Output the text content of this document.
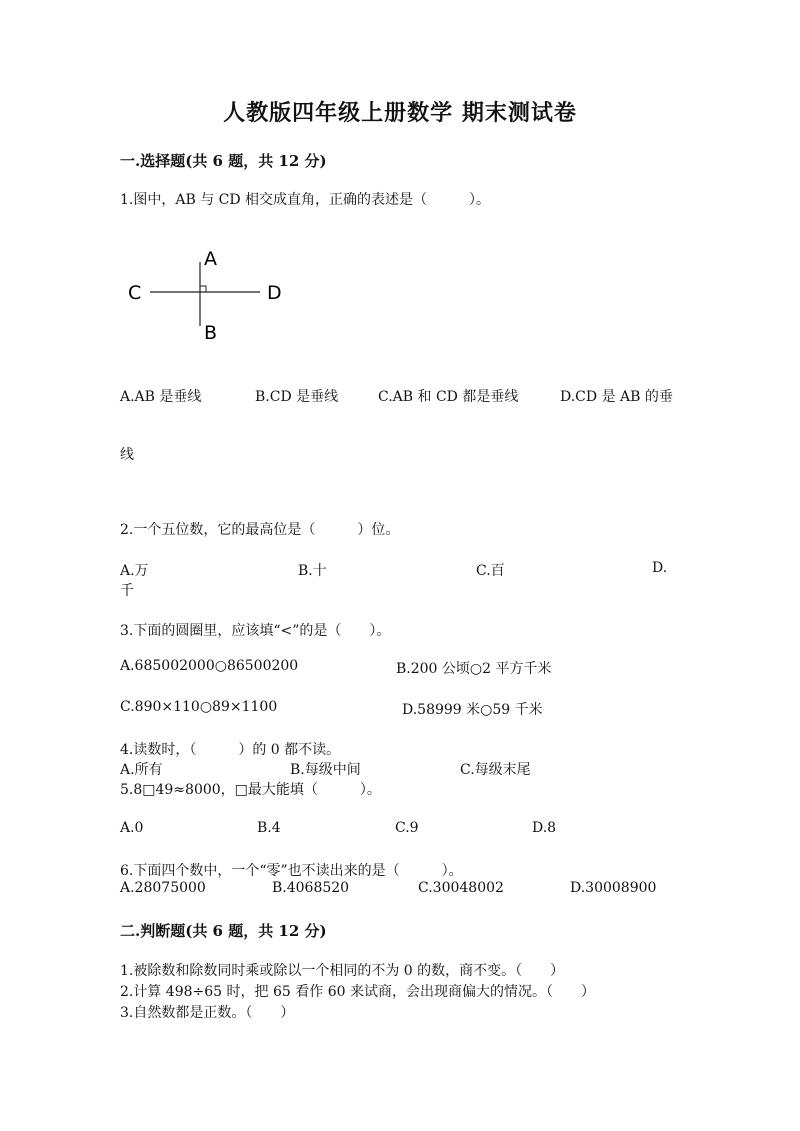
人教版四年级上册数学 期末测试卷
一.选择题(共 6 题，共 12 分)
1.图中，AB 与 CD 相交成直角，正确的表述是（　　　）。
A
B
C	D
A.AB 是垂线	B.CD 是垂线	C.AB 和 CD 都是垂线	D.CD 是 AB 的垂
线
2.一个五位数，它的最高位是（　　　）位。
A.万	B.十	C.百	D.
千
3.下面的圆圈里，应该填“<”的是（　　）。
A.685002000○86500200	B.200 公顷○2 平方千米
C.890×110○89×1100	D.58999 米○59 千米
4.读数时，（　　　）的 0 都不读。
A.所有	B.每级中间	C.每级末尾
5.8□49≈8000，□最大能填（　　　）。
A.0	B.4	C.9	D.8
6.下面四个数中，一个“零”也不读出来的是（　　　）。
A.28075000	B.4068520	C.30048002	D.30008900
二.判断题(共 6 题，共 12 分)
1.被除数和除数同时乘或除以一个相同的不为 0 的数，商不变。（　　）
2.计算 498÷65 时，把 65 看作 60 来试商，会出现商偏大的情况。（　　）
3.自然数都是正数。（　　）
